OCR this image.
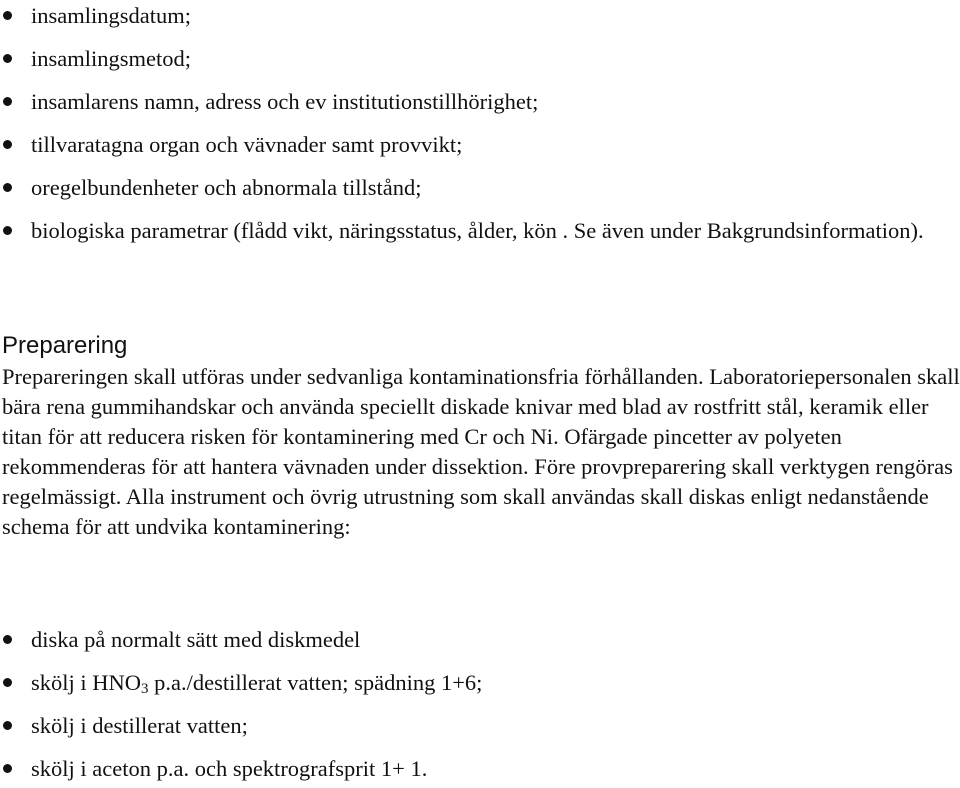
insamlingsdatum;
insamlingsmetod;
insamlarens namn, adress och ev institutionstillhörighet;
tillvaratagna organ och vävnader samt provvikt;
oregelbundenheter och abnormala tillstånd;
biologiska parametrar (flådd vikt, näringsstatus, ålder, kön . Se även under Bakgrundsinformation).
Preparering

Prepareringen skall utföras under sedvanliga kontaminationsfria förhållanden. Laboratoriepersonalen skall bära rena gummihandskar och använda speciellt diskade knivar med blad av rostfritt stål, keramik eller titan för att reducera risken för kontaminering med Cr och Ni. Ofärgade pincetter av polyeten rekommenderas för att hantera vävnaden under dissektion. Före provpreparering skall verktygen rengöras regelmässigt. Alla instrument och övrig utrustning som skall användas skall diskas enligt nedanstående schema för att undvika kontaminering:

diska på normalt sätt med diskmedel
skölj i $HNO_3$ p.a./destillerat vatten; spädning 1+6;
skölj i destillerat vatten;
skölj i aceton p.a. och spektrografsprit 1+ 1.
